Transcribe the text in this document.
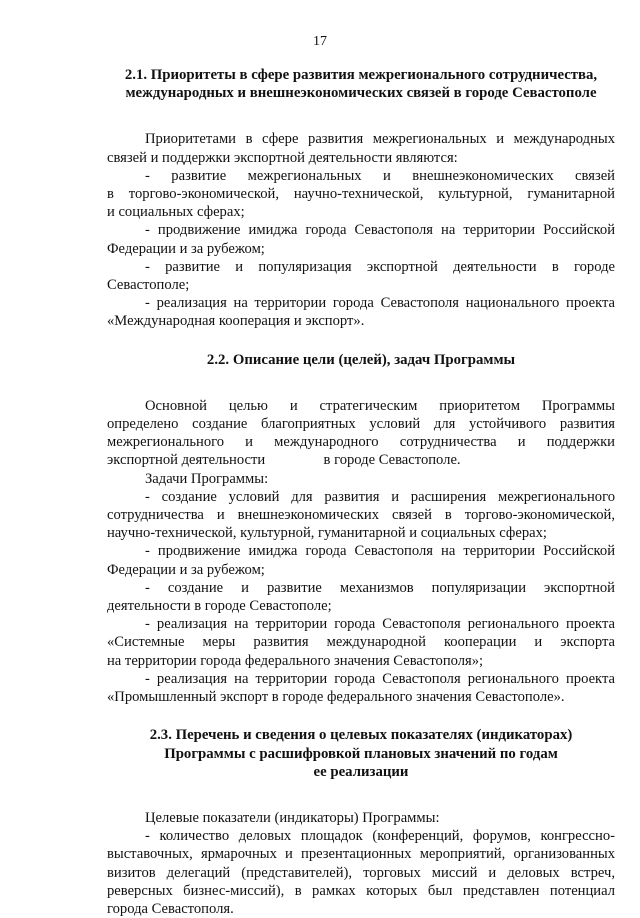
17

2.1. Приоритеты в сфере развития межрегионального сотрудничества,

международных и внешнеэкономических связей в городе Севастополе

Приоритетами в сфере развития межрегиональных и международных

связей и поддержки экспортной деятельности являются:

- развитие межрегиональных и внешнеэкономических связей

в торгово-экономической, научно-технической, культурной, гуманитарной

и социальных сферах;

- продвижение имиджа города Севастополя на территории Российской

Федерации и за рубежом;

- развитие и популяризация экспортной деятельности в городе

Севастополе;

- реализация на территории города Севастополя национального проекта

«Международная кооперация и экспорт».

2.2. Описание цели (целей), задач Программы

Основной целью и стратегическим приоритетом Программы

определено создание благоприятных условий для устойчивого развития

межрегионального и международного сотрудничества и поддержки

экспортной деятельности                в городе Севастополе.

Задачи Программы:

- создание условий для развития и расширения межрегионального

сотрудничества и внешнеэкономических связей в торгово-экономической,

научно-технической, культурной, гуманитарной и социальных сферах;

- продвижение имиджа города Севастополя на территории Российской

Федерации и за рубежом;

- создание и развитие механизмов популяризации экспортной

деятельности в городе Севастополе;

- реализация на территории города Севастополя регионального проекта

«Системные меры развития международной кооперации и экспорта

на территории города федерального значения Севастополя»;

- реализация на территории города Севастополя регионального проекта

«Промышленный экспорт в городе федерального значения Севастополе».

2.3. Перечень и сведения о целевых показателях (индикаторах)

Программы с расшифровкой плановых значений по годам

ее реализации

Целевые показатели (индикаторы) Программы:

- количество деловых площадок (конференций, форумов, конгрессно-

выставочных, ярмарочных и презентационных мероприятий, организованных

визитов делегаций (представителей), торговых миссий и деловых встреч,

реверсных бизнес-миссий), в рамках которых был представлен потенциал

города Севастополя.
